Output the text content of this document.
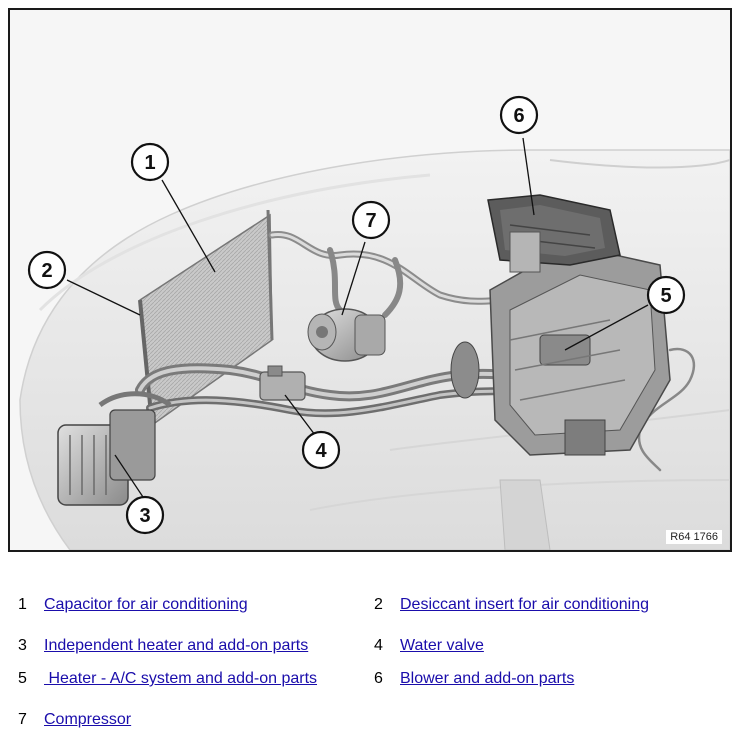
1
2
3
4
5
6
7
R64 1766
1 Capacitor for air conditioning	2 Desiccant insert for air conditioning
3 Independent heater and add-on parts	4 Water valve
5 Heater - A/C system and add-on parts	6 Blower and add-on parts
7 Compressor
